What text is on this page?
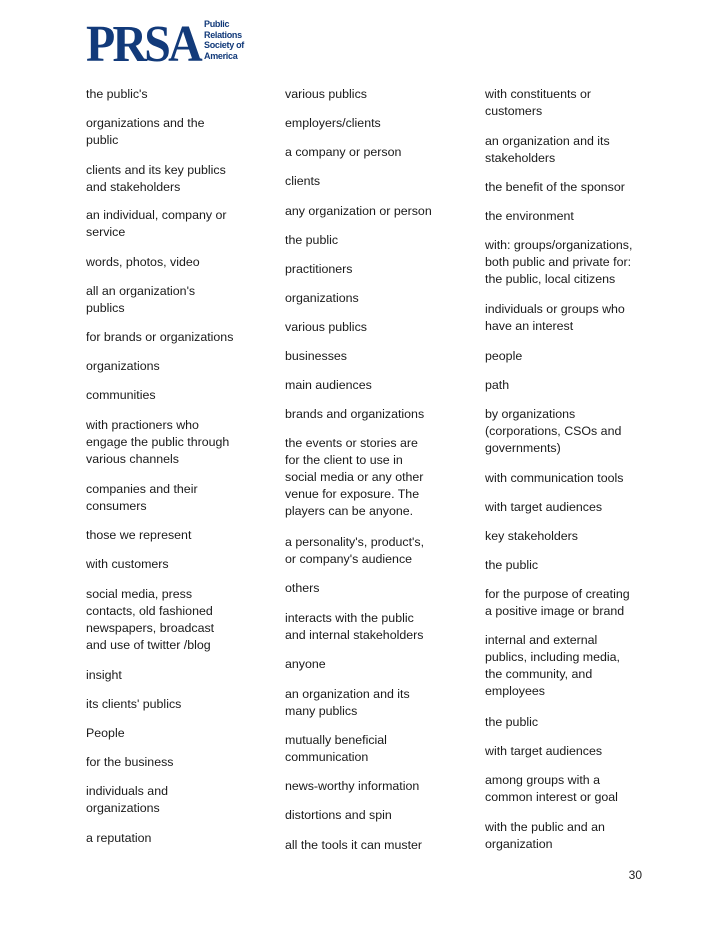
PRSA Public
Relations
Society of
America
the public's
organizations and the
public
clients and its key publics
and stakeholders
an individual, company or
service
words, photos, video
all an organization's
publics
for brands or organizations
organizations
communities
with practioners who
engage the public through
various channels
companies and their
consumers
those we represent
with customers
social media, press
contacts, old fashioned
newspapers, broadcast
and use of twitter /blog
insight
its clients' publics
People
for the business
individuals and
organizations
a reputation
various publics
employers/clients
a company or person
clients
any organization or person
the public
practitioners
organizations
various publics
businesses
main audiences
brands and organizations
the events or stories are
for the client to use in
social media or any other
venue for exposure. The
players can be anyone.
a personality's, product's,
or company's audience
others
interacts with the public
and internal stakeholders
anyone
an organization and its
many publics
mutually beneficial
communication
news-worthy information
distortions and spin
all the tools it can muster
with constituents or
customers
an organization and its
stakeholders
the benefit of the sponsor
the environment
with: groups/organizations,
both public and private for:
the public, local citizens
individuals or groups who
have an interest
people
path
by organizations
(corporations, CSOs and
governments)
with communication tools
with target audiences
key stakeholders
the public
for the purpose of creating
a positive image or brand
internal and external
publics, including media,
the community, and
employees
the public
with target audiences
among groups with a
common interest or goal
with the public and an
organization
30
